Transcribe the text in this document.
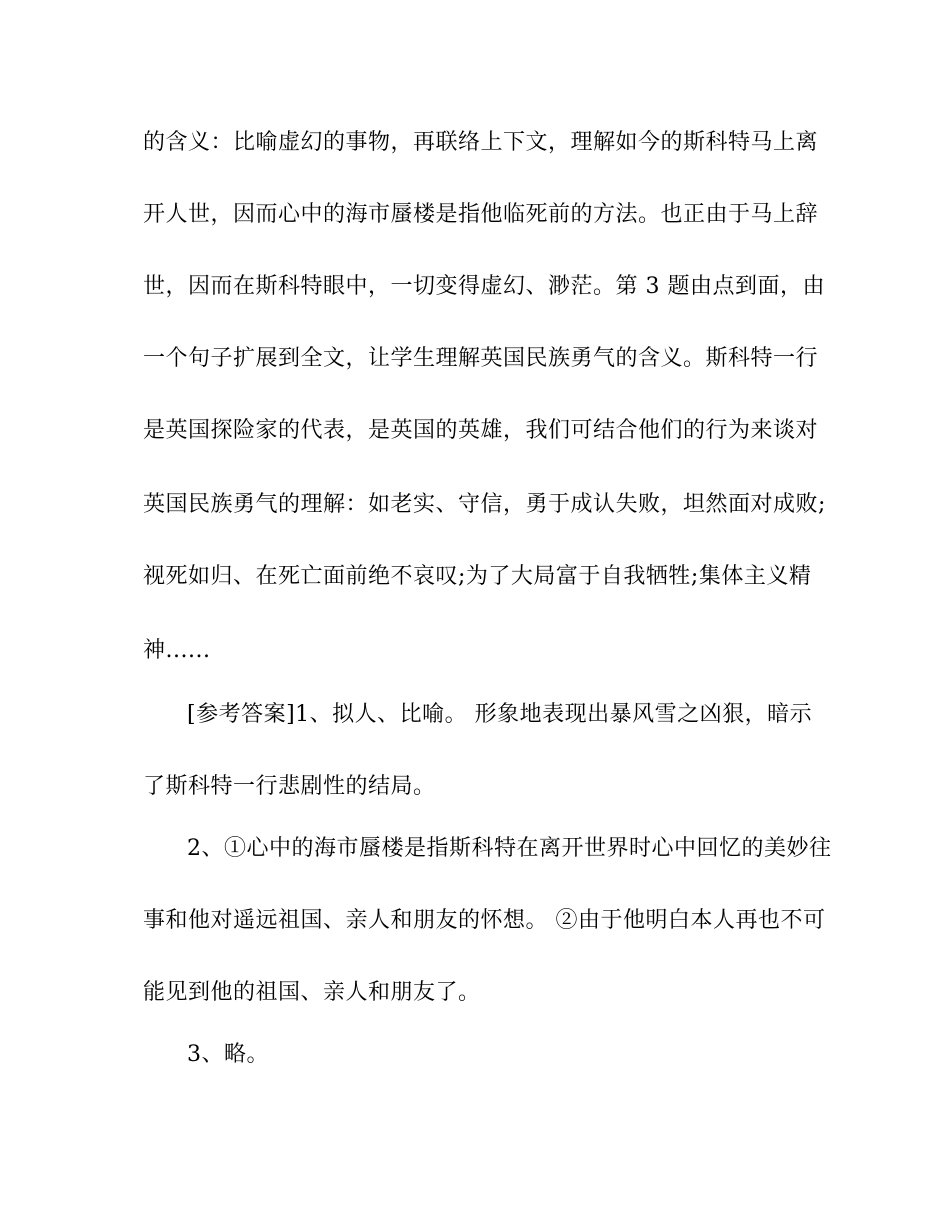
的含义：比喻虚幻的事物，再联络上下文，理解如今的斯科特马上离
开人世，因而心中的海市蜃楼是指他临死前的方法。也正由于马上辞
世，因而在斯科特眼中，一切变得虚幻、渺茫。第 3 题由点到面，由
一个句子扩展到全文，让学生理解英国民族勇气的含义。斯科特一行
是英国探险家的代表，是英国的英雄，我们可结合他们的行为来谈对
英国民族勇气的理解：如老实、守信，勇于成认失败，坦然面对成败;
视死如归、在死亡面前绝不哀叹;为了大局富于自我牺牲;集体主义精
神......
[参考答案]1、拟人、比喻。 形象地表现出暴风雪之凶狠，暗示
了斯科特一行悲剧性的结局。
2、①心中的海市蜃楼是指斯科特在离开世界时心中回忆的美妙往
事和他对遥远祖国、亲人和朋友的怀想。 ②由于他明白本人再也不可
能见到他的祖国、亲人和朋友了。
3、略。
